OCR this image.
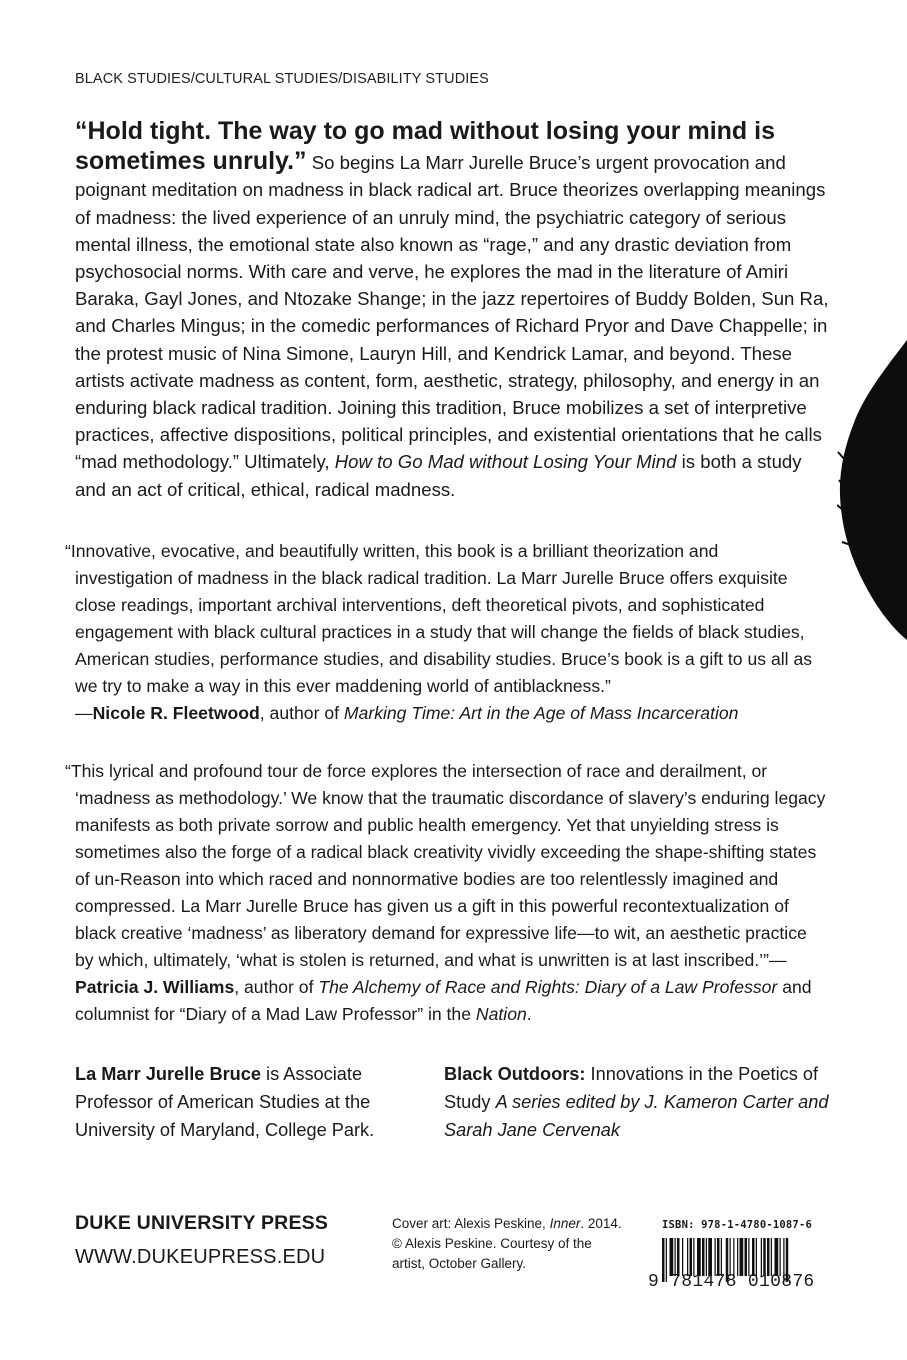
BLACK STUDIES/CULTURAL STUDIES/DISABILITY STUDIES

“Hold tight. The way to go mad without losing your mind is sometimes unruly.” So begins La Marr Jurelle Bruce’s urgent provocation and poignant meditation on madness in black radical art. Bruce theorizes overlapping meanings of madness: the lived experience of an unruly mind, the psychiatric category of serious mental illness, the emotional state also known as “rage,” and any drastic deviation from psychosocial norms. With care and verve, he explores the mad in the literature of Amiri Baraka, Gayl Jones, and Ntozake Shange; in the jazz repertoires of Buddy Bolden, Sun Ra, and Charles Mingus; in the comedic performances of Richard Pryor and Dave Chappelle; in the protest music of Nina Simone, Lauryn Hill, and Kendrick Lamar, and beyond. These artists activate madness as content, form, aesthetic, strategy, philosophy, and energy in an enduring black radical tradition. Joining this tradition, Bruce mobilizes a set of interpretive practices, affective dispositions, political principles, and existential orientations that he calls “mad methodology.” Ultimately, How to Go Mad without Losing Your Mind is both a study and an act of critical, ethical, radical madness.

“Innovative, evocative, and beautifully written, this book is a brilliant theorization and investigation of madness in the black radical tradition. La Marr Jurelle Bruce offers exquisite close readings, important archival interventions, deft theoretical pivots, and sophisticated engagement with black cultural practices in a study that will change the fields of black studies, American studies, performance studies, and disability studies. Bruce’s book is a gift to us all as we try to make a way in this ever maddening world of antiblackness.”
—Nicole R. Fleetwood, author of Marking Time: Art in the Age of Mass Incarceration
“This lyrical and profound tour de force explores the intersection of race and derailment, or ‘madness as methodology.’ We know that the traumatic discordance of slavery’s enduring legacy manifests as both private sorrow and public health emergency. Yet that unyielding stress is sometimes also the forge of a radical black creativity vividly exceeding the shape-shifting states of un-Reason into which raced and nonnormative bodies are too relentlessly imagined and compressed. La Marr Jurelle Bruce has given us a gift in this powerful recontextualization of black creative ‘madness’ as liberatory demand for expressive life—to wit, an aesthetic practice by which, ultimately, ‘what is stolen is returned, and what is unwritten is at last inscribed.’”—Patricia J. Williams, author of The Alchemy of Race and Rights: Diary of a Law Professor and columnist for “Diary of a Mad Law Professor” in the Nation.
La Marr Jurelle Bruce is Associate Professor of American Studies at the University of Maryland, College Park.
Black Outdoors: Innovations in the Poetics of Study A series edited by J. Kameron Carter and Sarah Jane Cervenak
DUKE UNIVERSITY PRESS
WWW.DUKEUPRESS.EDU
Cover art: Alexis Peskine, Inner. 2014. © Alexis Peskine. Courtesy of the artist, October Gallery.
ISBN: 978-1-4780-1087-6
9 781478 010876
